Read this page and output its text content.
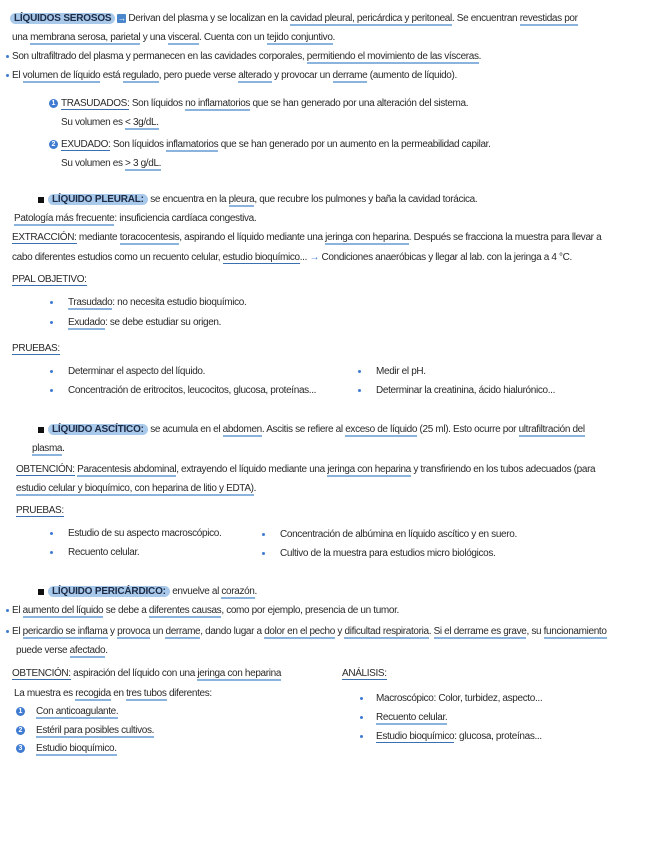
LÍQUIDOS SEROSOS → Derivan del plasma y se localizan en la cavidad pleural, pericárdica y peritoneal. Se encuentran revestidas por
una membrana serosa, parietal y una visceral. Cuenta con un tejido conjuntivo.
Son ultrafiltrado del plasma y permanecen en las cavidades corporales, permitiendo el movimiento de las vísceras.
El volumen de líquido está regulado, pero puede verse alterado y provocar un derrame (aumento de líquido).
1 TRASUDADOS: Son líquidos no inflamatorios que se han generado por una alteración del sistema.
Su volumen es < 3g/dL.
2 EXUDADO: Son líquidos inflamatorios que se han generado por un aumento en la permeabilidad capilar.
Su volumen es > 3 g/dL.
LÍQUIDO PLEURAL: se encuentra en la pleura, que recubre los pulmones y baña la cavidad torácica.
Patología más frecuente: insuficiencia cardíaca congestiva.
EXTRACCIÓN: mediante toracocentesis, aspirando el líquido mediante una jeringa con heparina. Después se fracciona la muestra para llevar a
cabo diferentes estudios como un recuento celular, estudio bioquímico... → Condiciones anaeróbicas y llegar al lab. con la jeringa a 4 °C.
PPAL OBJETIVO:
Trasudado: no necesita estudio bioquímico.
Exudado: se debe estudiar su origen.
PRUEBAS:
Determinar el aspecto del líquido.
Concentración de eritrocitos, leucocitos, glucosa, proteínas...
Medir el pH.
Determinar la creatinina, ácido hialurónico...
LÍQUIDO ASCÍTICO: se acumula en el abdomen. Ascitis se refiere al exceso de líquido (25 ml). Esto ocurre por ultrafiltración del
plasma.
OBTENCIÓN: Paracentesis abdominal, extrayendo el líquido mediante una jeringa con heparina y transfiriendo en los tubos adecuados (para
estudio celular y bioquímico, con heparina de litio y EDTA).
PRUEBAS:
Estudio de su aspecto macroscópico.
Recuento celular.
Concentración de albúmina en líquido ascítico y en suero.
Cultivo de la muestra para estudios micro biológicos.
LÍQUIDO PERICÁRDICO: envuelve al corazón.
El aumento del líquido se debe a diferentes causas, como por ejemplo, presencia de un tumor.
El pericardio se inflama y provoca un derrame, dando lugar a dolor en el pecho y dificultad respiratoria. Si el derrame es grave, su funcionamiento
puede verse afectado.
OBTENCIÓN: aspiración del líquido con una jeringa con heparina
La muestra es recogida en tres tubos diferentes:
1 Con anticoagulante.
2 Estéril para posibles cultivos.
3 Estudio bioquímico.
ANÁLISIS:
Macroscópico: Color, turbidez, aspecto...
Recuento celular.
Estudio bioquímico: glucosa, proteínas...
